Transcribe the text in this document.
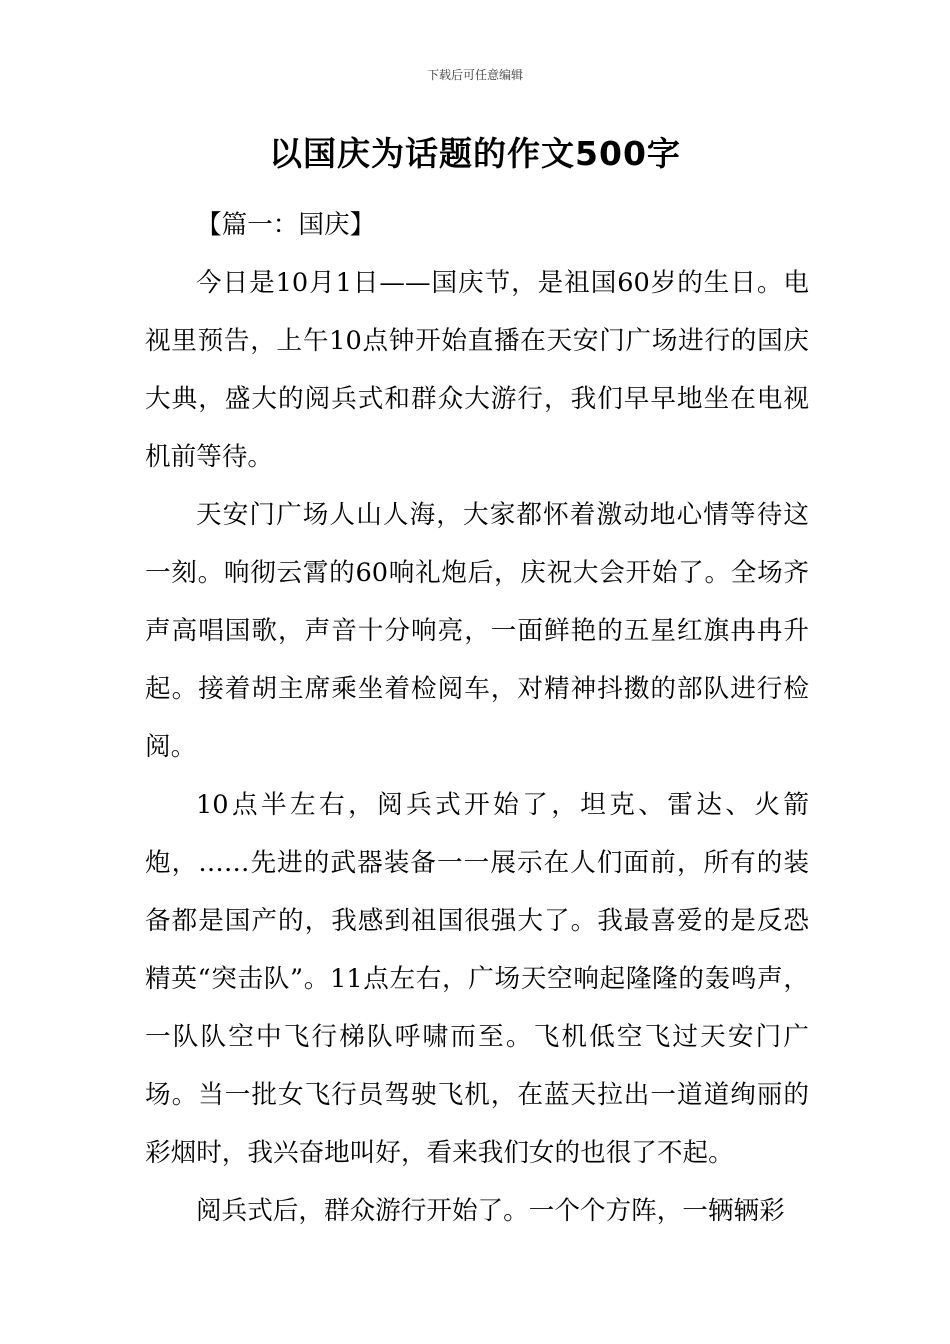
下载后可任意编辑
以国庆为话题的作文500字

【篇一：国庆】

今日是10月1日——国庆节，是祖国60岁的生日。电视里预告，上午10点钟开始直播在天安门广场进行的国庆大典，盛大的阅兵式和群众大游行，我们早早地坐在电视机前等待。

天安门广场人山人海，大家都怀着激动地心情等待这一刻。响彻云霄的60响礼炮后，庆祝大会开始了。全场齐声高唱国歌，声音十分响亮，一面鲜艳的五星红旗冉冉升起。接着胡主席乘坐着检阅车，对精神抖擞的部队进行检阅。

10点半左右，阅兵式开始了，坦克、雷达、火箭炮，……先进的武器装备一一展示在人们面前，所有的装备都是国产的，我感到祖国很强大了。我最喜爱的是反恐精英“突击队”。11点左右，广场天空响起隆隆的轰鸣声，一队队空中飞行梯队呼啸而至。飞机低空飞过天安门广场。当一批女飞行员驾驶飞机，在蓝天拉出一道道绚丽的彩烟时，我兴奋地叫好，看来我们女的也很了不起。

阅兵式后，群众游行开始了。一个个方阵，一辆辆彩
